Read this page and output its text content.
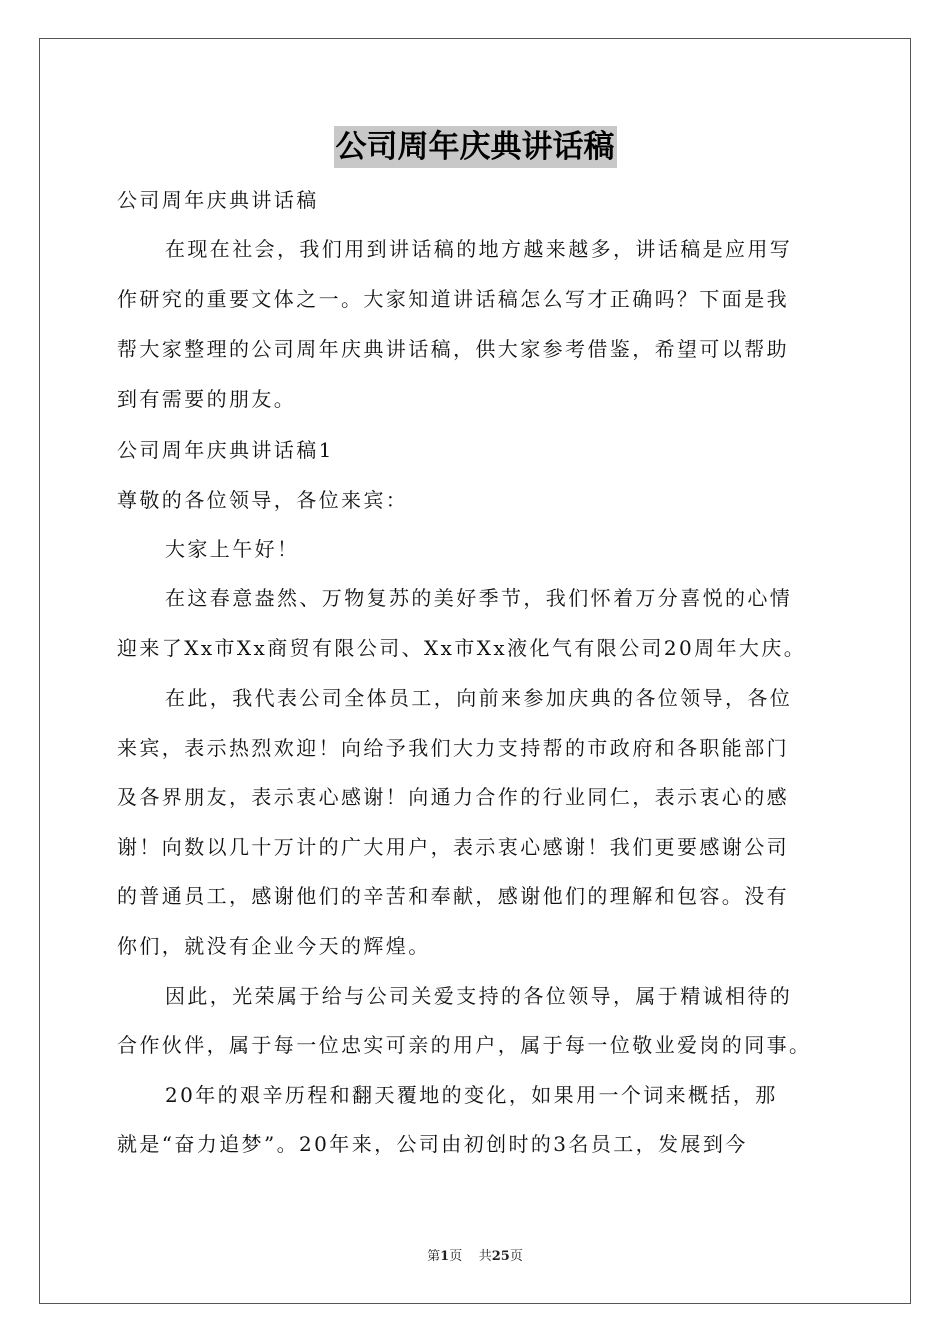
公司周年庆典讲话稿
公司周年庆典讲话稿
在现在社会，我们用到讲话稿的地方越来越多，讲话稿是应用写
作研究的重要文体之一。大家知道讲话稿怎么写才正确吗？下面是我
帮大家整理的公司周年庆典讲话稿，供大家参考借鉴，希望可以帮助
到有需要的朋友。
公司周年庆典讲话稿1
尊敬的各位领导，各位来宾：
大家上午好！
在这春意盎然、万物复苏的美好季节，我们怀着万分喜悦的心情
迎来了Xx市Xx商贸有限公司、Xx市Xx液化气有限公司20周年大庆。
在此，我代表公司全体员工，向前来参加庆典的各位领导，各位
来宾，表示热烈欢迎！向给予我们大力支持帮的市政府和各职能部门
及各界朋友，表示衷心感谢！向通力合作的行业同仁，表示衷心的感
谢！向数以几十万计的广大用户，表示衷心感谢！我们更要感谢公司
的普通员工，感谢他们的辛苦和奉献，感谢他们的理解和包容。没有
你们，就没有企业今天的辉煌。
因此，光荣属于给与公司关爱支持的各位领导，属于精诚相待的
合作伙伴，属于每一位忠实可亲的用户，属于每一位敬业爱岗的同事。
20年的艰辛历程和翻天覆地的变化，如果用一个词来概括，那
就是“奋力追梦”。20年来，公司由初创时的3名员工，发展到今
第1页 共25页
